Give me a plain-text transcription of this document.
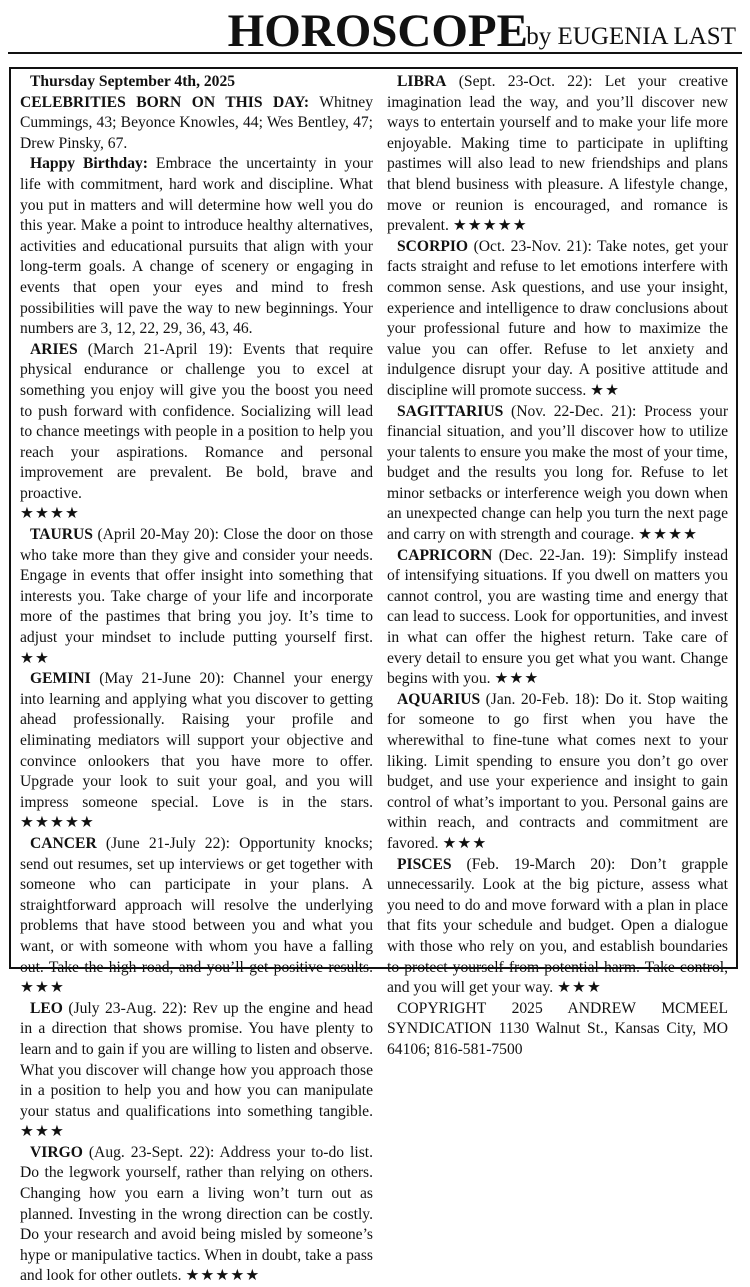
HOROSCOPE
by EUGENIA LAST

Thursday September 4th, 2025

CELEBRITIES BORN ON THIS DAY: Whitney Cummings, 43; Beyonce Knowles, 44; Wes Bentley, 47; Drew Pinsky, 67.

Happy Birthday: Embrace the uncertainty in your life with commitment, hard work and discipline. What you put in matters and will determine how well you do this year. Make a point to introduce healthy alternatives, activities and educational pursuits that align with your long-term goals. A change of scenery or engaging in events that open your eyes and mind to fresh possibilities will pave the way to new beginnings. Your numbers are 3, 12, 22, 29, 36, 43, 46.

ARIES (March 21-April 19): Events that require physical endurance or challenge you to excel at something you enjoy will give you the boost you need to push forward with confidence. Socializing will lead to chance meetings with people in a position to help you reach your aspirations. Romance and personal improvement are prevalent. Be bold, brave and proactive.
★★★★

TAURUS (April 20-May 20): Close the door on those who take more than they give and consider your needs. Engage in events that offer insight into something that interests you. Take charge of your life and incorporate more of the pastimes that bring you joy. It’s time to adjust your mindset to include putting yourself first. ★★

GEMINI (May 21-June 20): Channel your energy into learning and applying what you discover to getting ahead professionally. Raising your profile and eliminating mediators will support your objective and convince onlookers that you have more to offer. Upgrade your look to suit your goal, and you will impress someone special. Love is in the stars. ★★★★★

CANCER (June 21-July 22): Opportunity knocks; send out resumes, set up interviews or get together with someone who can participate in your plans. A straightforward approach will resolve the underlying problems that have stood between you and what you want, or with someone with whom you have a falling out. Take the high road, and you’ll get positive results. ★★★

LEO (July 23-Aug. 22): Rev up the engine and head in a direction that shows promise. You have plenty to learn and to gain if you are willing to listen and observe. What you discover will change how you approach those in a position to help you and how you can manipulate your status and qualifications into something tangible. ★★★

VIRGO (Aug. 23-Sept. 22): Address your to-do list. Do the legwork yourself, rather than relying on others. Changing how you earn a living won’t turn out as planned. Investing in the wrong direction can be costly. Do your research and avoid being misled by someone’s hype or manipulative tactics. When in doubt, take a pass and look for other outlets. ★★★★★

LIBRA (Sept. 23-Oct. 22): Let your creative imagination lead the way, and you’ll discover new ways to entertain yourself and to make your life more enjoyable. Making time to participate in uplifting pastimes will also lead to new friendships and plans that blend business with pleasure. A lifestyle change, move or reunion is encouraged, and romance is prevalent. ★★★★★

SCORPIO (Oct. 23-Nov. 21): Take notes, get your facts straight and refuse to let emotions interfere with common sense. Ask questions, and use your insight, experience and intelligence to draw conclusions about your professional future and how to maximize the value you can offer. Refuse to let anxiety and indulgence disrupt your day. A positive attitude and discipline will promote success. ★★

SAGITTARIUS (Nov. 22-Dec. 21): Process your financial situation, and you’ll discover how to utilize your talents to ensure you make the most of your time, budget and the results you long for. Refuse to let minor setbacks or interference weigh you down when an unexpected change can help you turn the next page and carry on with strength and courage. ★★★★

CAPRICORN (Dec. 22-Jan. 19): Simplify instead of intensifying situations. If you dwell on matters you cannot control, you are wasting time and energy that can lead to success. Look for opportunities, and invest in what can offer the highest return. Take care of every detail to ensure you get what you want. Change begins with you. ★★★

AQUARIUS (Jan. 20-Feb. 18): Do it. Stop waiting for someone to go first when you have the wherewithal to fine-tune what comes next to your liking. Limit spending to ensure you don’t go over budget, and use your experience and insight to gain control of what’s important to you. Personal gains are within reach, and contracts and commitment are favored. ★★★

PISCES (Feb. 19-March 20): Don’t grapple unnecessarily. Look at the big picture, assess what you need to do and move forward with a plan in place that fits your schedule and budget. Open a dialogue with those who rely on you, and establish boundaries to protect yourself from potential harm. Take control, and you will get your way. ★★★

COPYRIGHT 2025 ANDREW MCMEEL SYNDICATION 1130 Walnut St., Kansas City, MO 64106; 816-581-7500
